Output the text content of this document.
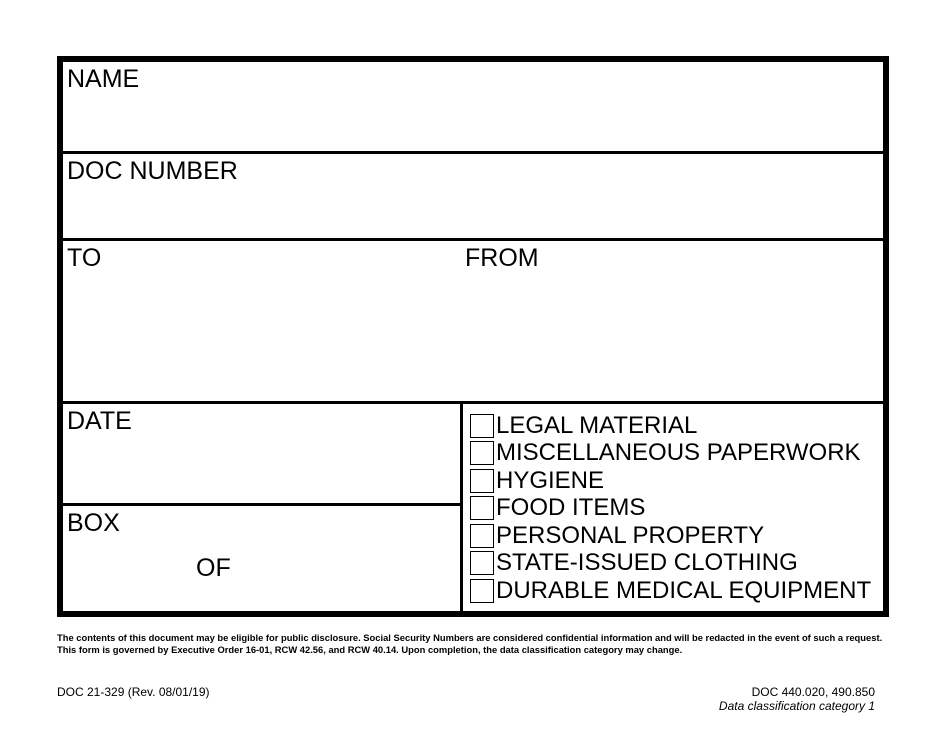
NAME
DOC NUMBER
TO	FROM
DATE
BOX
OF
LEGAL MATERIAL
MISCELLANEOUS PAPERWORK
HYGIENE
FOOD ITEMS
PERSONAL PROPERTY
STATE-ISSUED CLOTHING
DURABLE MEDICAL EQUIPMENT
The contents of this document may be eligible for public disclosure. Social Security Numbers are considered confidential information and will be redacted in the event of such a request. This form is governed by Executive Order 16-01, RCW 42.56, and RCW 40.14. Upon completion, the data classification category may change.
DOC 21-329 (Rev. 08/01/19)	DOC 440.020, 490.850
Data classification category 1
